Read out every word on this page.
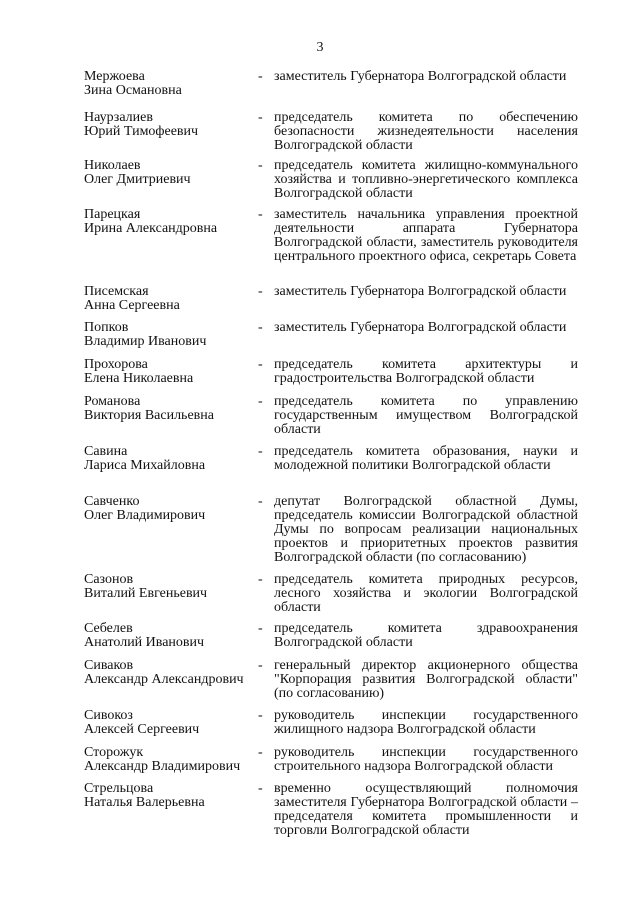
3
Мержоева
Зина Османовна
- заместитель Губернатора Волгоградской области
Наурзалиев
Юрий Тимофеевич
- председатель комитета по обеспечению безопасности жизнедеятельности населения Волгоградской области
Николаев
Олег Дмитриевич
- председатель комитета жилищно-коммунального хозяйства и топливно-энергетического комплекса Волгоградской области
Парецкая
Ирина Александровна
- заместитель начальника управления проектной деятельности аппарата Губернатора Волгоградской области, заместитель руководителя центрального проектного офиса, секретарь Совета
Писемская
Анна Сергеевна
- заместитель Губернатора Волгоградской области
Попков
Владимир Иванович
- заместитель Губернатора Волгоградской области
Прохорова
Елена Николаевна
- председатель комитета архитектуры и градостроительства Волгоградской области
Романова
Виктория Васильевна
- председатель комитета по управлению государственным имуществом Волгоградской области
Савина
Лариса Михайловна
- председатель комитета образования, науки и молодежной политики Волгоградской области
Савченко
Олег Владимирович
- депутат Волгоградской областной Думы, председатель комиссии Волгоградской областной Думы по вопросам реализации национальных проектов и приоритетных проектов развития Волгоградской области (по согласованию)
Сазонов
Виталий Евгеньевич
- председатель комитета природных ресурсов, лесного хозяйства и экологии Волгоградской области
Себелев
Анатолий Иванович
- председатель комитета здравоохранения Волгоградской области
Сиваков
Александр Александрович
- генеральный директор акционерного общества "Корпорация развития Волгоградской области" (по согласованию)
Сивокоз
Алексей Сергеевич
- руководитель инспекции государственного жилищного надзора Волгоградской области
Сторожук
Александр Владимирович
- руководитель инспекции государственного строительного надзора Волгоградской области
Стрельцова
Наталья Валерьевна
- временно осуществляющий полномочия заместителя Губернатора Волгоградской области – председателя комитета промышленности и торговли Волгоградской области
